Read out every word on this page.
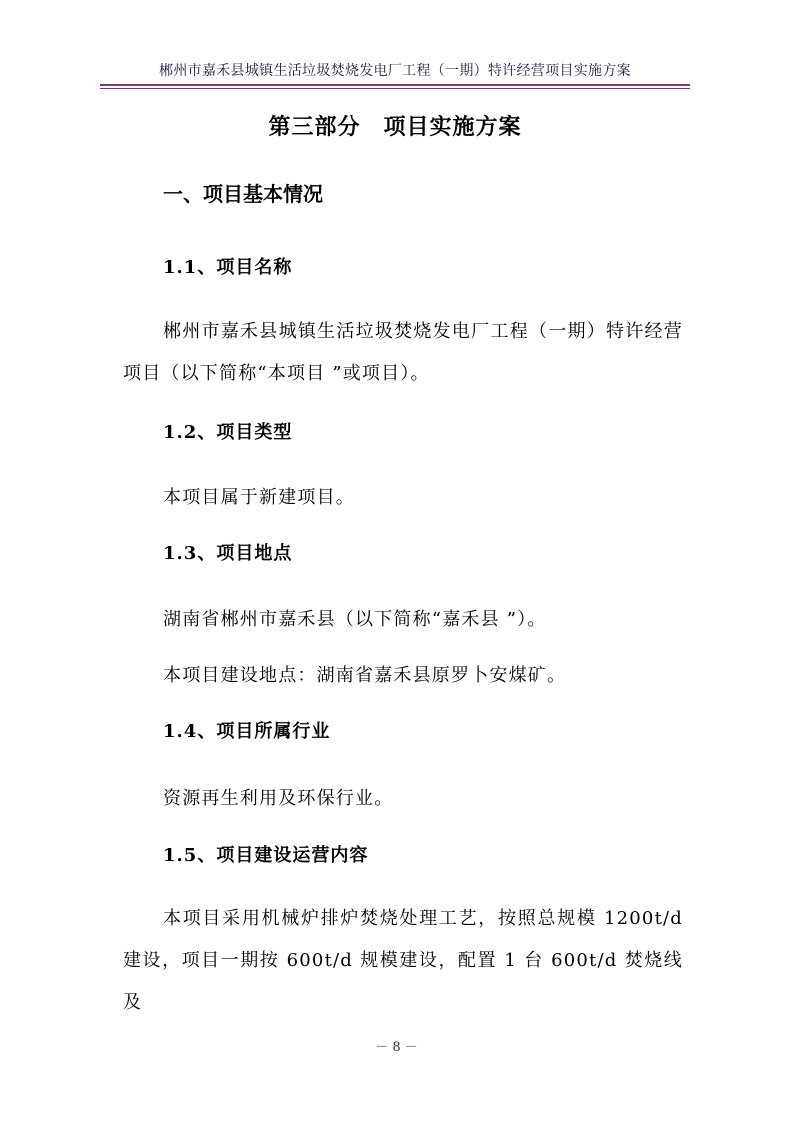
郴州市嘉禾县城镇生活垃圾焚烧发电厂工程（一期）特许经营项目实施方案
第三部分　项目实施方案
一、项目基本情况
1.1、项目名称
郴州市嘉禾县城镇生活垃圾焚烧发电厂工程（一期）特许经营项目（以下简称“本项目 ”或项目）。
1.2、项目类型
本项目属于新建项目。
1.3、项目地点
湖南省郴州市嘉禾县（以下简称“嘉禾县 ”）。
本项目建设地点：湖南省嘉禾县原罗卜安煤矿。
1.4、项目所属行业
资源再生利用及环保行业。
1.5、项目建设运营内容
本项目采用机械炉排炉焚烧处理工艺，按照总规模 1200t/d 建设，项目一期按 600t/d 规模建设，配置 1 台 600t/d 焚烧线及
－ 8 －
